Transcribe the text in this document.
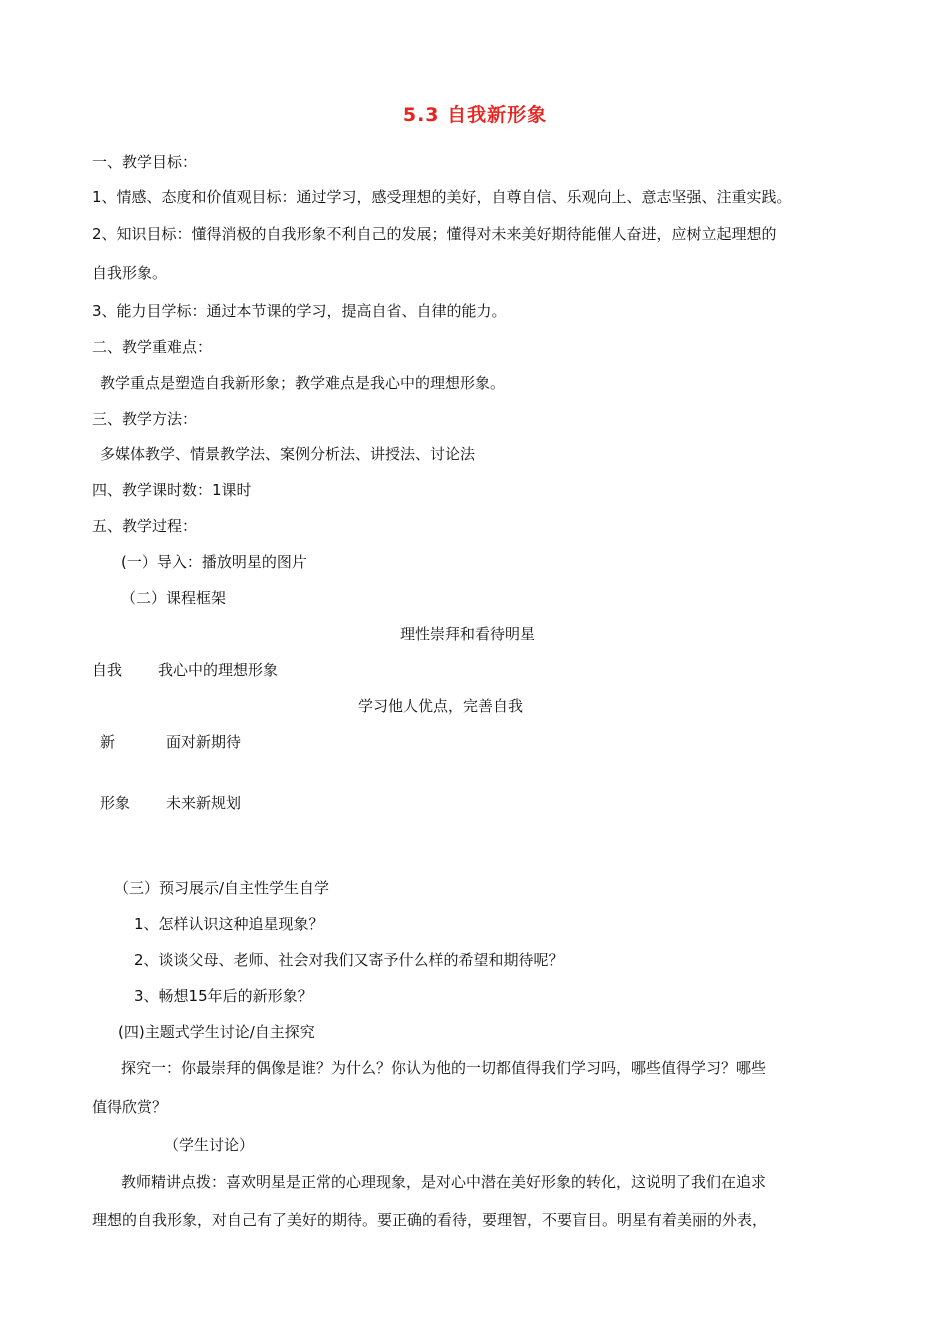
5.3 自我新形象
一、教学目标：
1、情感、态度和价值观目标：通过学习，感受理想的美好，自尊自信、乐观向上、意志坚强、注重实践。
2、知识目标：懂得消极的自我形象不利自己的发展；懂得对未来美好期待能催人奋进，应树立起理想的
自我形象。
3、能力目学标：通过本节课的学习，提高自省、自律的能力。
二、教学重难点：
教学重点是塑造自我新形象；教学难点是我心中的理想形象。
三、教学方法：
多媒体教学、情景教学法、案例分析法、讲授法、讨论法
四、教学课时数：1课时
五、教学过程：
(一）导入：播放明星的图片
（二）课程框架
理性崇拜和看待明星
自我 我心中的理想形象
学习他人优点，完善自我
新	面对新期待
形象 未来新规划
（三）预习展示/自主性学生自学
1、怎样认识这种追星现象？
2、谈谈父母、老师、社会对我们又寄予什么样的希望和期待呢？
3、畅想15年后的新形象？
(四)主题式学生讨论/自主探究
探究一：你最崇拜的偶像是谁？为什么？你认为他的一切都值得我们学习吗，哪些值得学习？哪些
值得欣赏？
（学生讨论）
教师精讲点拨：喜欢明星是正常的心理现象，是对心中潜在美好形象的转化，这说明了我们在追求
理想的自我形象，对自己有了美好的期待。要正确的看待，要理智，不要盲目。明星有着美丽的外表，
